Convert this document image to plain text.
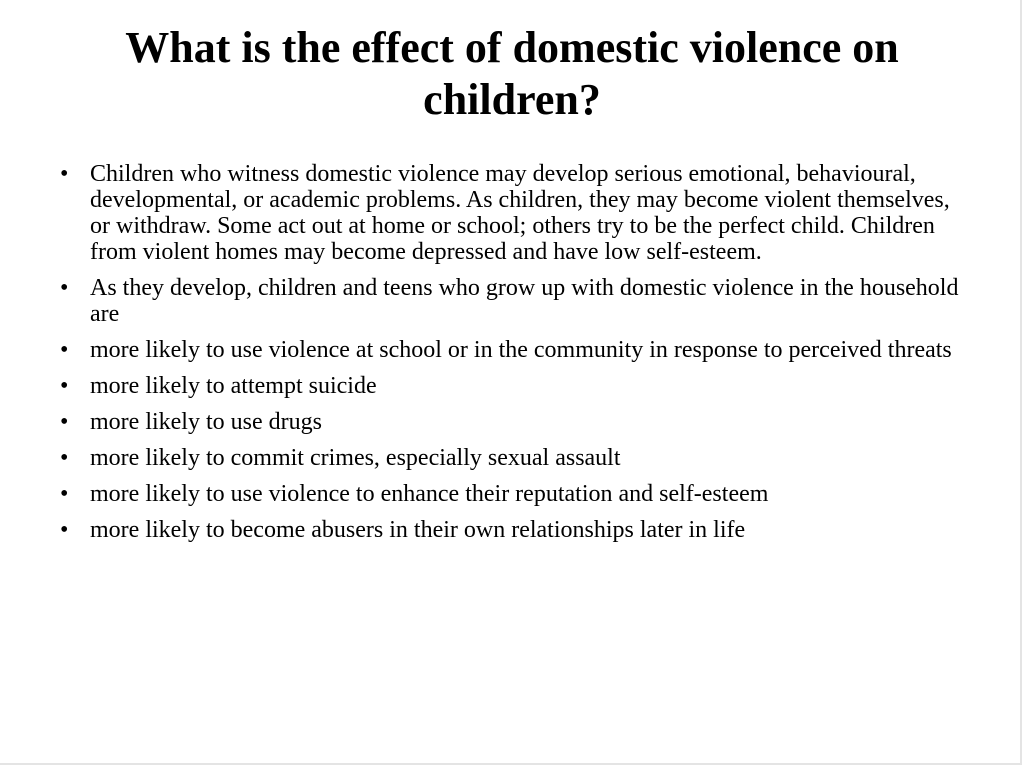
What is the effect of domestic violence on children?
• Children who witness domestic violence may develop serious emotional, behavioural, developmental, or academic problems. As children, they may become violent themselves, or withdraw. Some act out at home or school; others try to be the perfect child. Children from violent homes may become depressed and have low self-esteem.
• As they develop, children and teens who grow up with domestic violence in the household are
• more likely to use violence at school or in the community in response to perceived threats
• more likely to attempt suicide
• more likely to use drugs
• more likely to commit crimes, especially sexual assault
• more likely to use violence to enhance their reputation and self-esteem
• more likely to become abusers in their own relationships later in life
